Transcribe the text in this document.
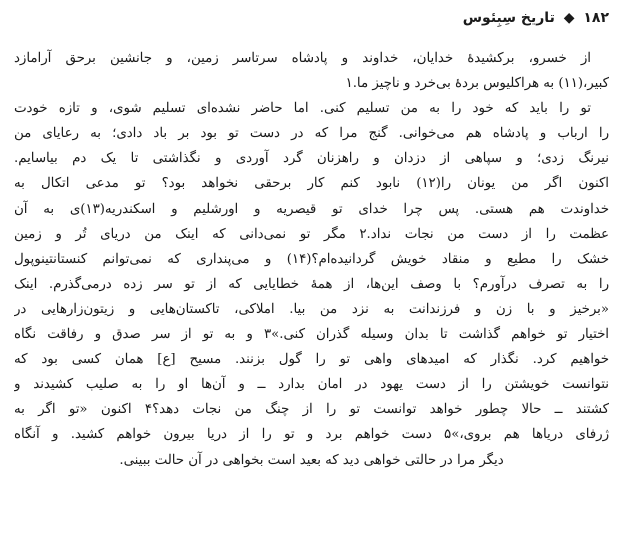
۱۸۲ ◆ تاریخ سِبِئوس
از خسرو، برکشیدهٔ خدایان، خداوند و پادشاه سرتاسر زمین، و جانشین برحق آرامازد
کبیر،(۱۱) به هراکلیوس بردهٔ بی‌خرد و ناچیز ما.۱
تو را باید که خود را به من تسلیم کنی. اما حاضر نشده‌ای تسلیم شوی، و تازه خودت
را ارباب و پادشاه هم می‌خوانی. گنج مرا که در دست تو بود بر باد دادی؛ به رعایای من
نیرنگ زدی؛ و سپاهی از دزدان و راهزنان گرد آوردی و نگذاشتی تا یک دم بیاسایم.
اکنون اگر من یونان را(۱۲) نابود کنم کار برحقی نخواهد بود؟ تو مدعی اتکال به
خداوندت هم هستی. پس چرا خدای تو قیصریه و اورشلیم و اسکندریه(۱۳)ی به آن
عظمت را از دست من نجات نداد.۲ مگر تو نمی‌دانی که اینک من دریای تُر و زمین
خشک را مطیع و منقاد خویش گردانیده‌ام؟(۱۴) و می‌پنداری که نمی‌توانم کنستانتینوپول
را به تصرف درآورم؟ با وصف این‌ها، از همهٔ خطایایی که از تو سر زده درمی‌گذرم. اینک
«برخیز و با زن و فرزندانت به نزد من بیا. املاکی، تاکستان‌هایی و زیتون‌زارهایی در
اختیار تو خواهم گذاشت تا بدان وسیله گذران کنی.»۳ و به تو از سر صدق و رفاقت نگاه
خواهیم کرد. نگذار که امیدهای واهی تو را گول بزنند. مسیح [ع] همان کسی بود که
نتوانست خویشتن را از دست یهود در امان بدارد ــ و آن‌ها او را به صلیب کشیدند و
کشتند ــ حالا چطور خواهد توانست تو را از چنگ من نجات دهد؟۴ اکنون «تو اگر به
ژرفای دریاها هم بروی،»۵ دست خواهم برد و تو را از دریا بیرون خواهم کشید. و آنگاه
دیگر مرا در حالتی خواهی دید که بعید است بخواهی در آن حالت ببینی.
